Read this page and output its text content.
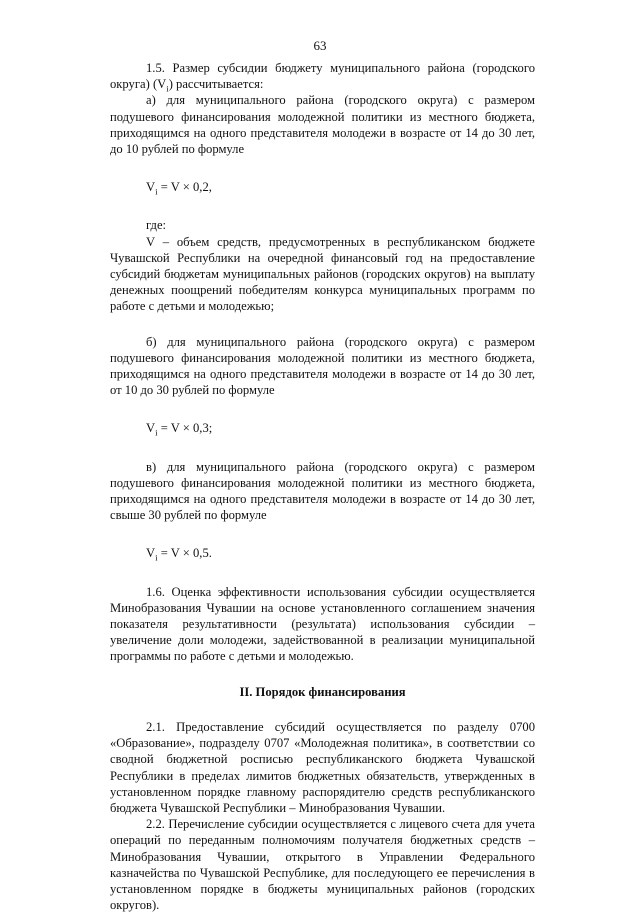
63

1.5. Размер субсидии бюджету муниципального района (городского округа) $(V_i)$ рассчитывается:

а) для муниципального района (городского округа) с размером подушевого финансирования молодежной политики из местного бюджета, приходящимся на одного представителя молодежи в возрасте от 14 до 30 лет, до 10 рублей по формуле

$V_i = V \times 0,2$,

где:

V – объем средств, предусмотренных в республиканском бюджете Чувашской Республики на очередной финансовый год на предоставление субсидий бюджетам муниципальных районов (городских округов) на выплату денежных поощрений победителям конкурса муниципальных программ по работе с детьми и молодежью;

б) для муниципального района (городского округа) с размером подушевого финансирования молодежной политики из местного бюджета, приходящимся на одного представителя молодежи в возрасте от 14 до 30 лет, от 10 до 30 рублей по формуле

$V_i = V \times 0,3$;

в) для муниципального района (городского округа) с размером подушевого финансирования молодежной политики из местного бюджета, приходящимся на одного представителя молодежи в возрасте от 14 до 30 лет, свыше 30 рублей по формуле

$V_i = V \times 0,5$.

1.6. Оценка эффективности использования субсидии осуществляется Минобразования Чувашии на основе установленного соглашением значения показателя результативности (результата) использования субсидии – увеличение доли молодежи, задействованной в реализации муниципальной программы по работе с детьми и молодежью.

II. Порядок финансирования

2.1. Предоставление субсидий осуществляется по разделу 0700 «Образование», подразделу 0707 «Молодежная политика», в соответствии со сводной бюджетной росписью республиканского бюджета Чувашской Республики в пределах лимитов бюджетных обязательств, утвержденных в установленном порядке главному распорядителю средств республиканского бюджета Чувашской Республики – Минобразования Чувашии.

2.2. Перечисление субсидии осуществляется с лицевого счета для учета операций по переданным полномочиям получателя бюджетных средств – Минобразования Чувашии, открытого в Управлении Федерального казначейства по Чувашской Республике, для последующего ее перечисления в установленном порядке в бюджеты муниципальных районов (городских округов).
